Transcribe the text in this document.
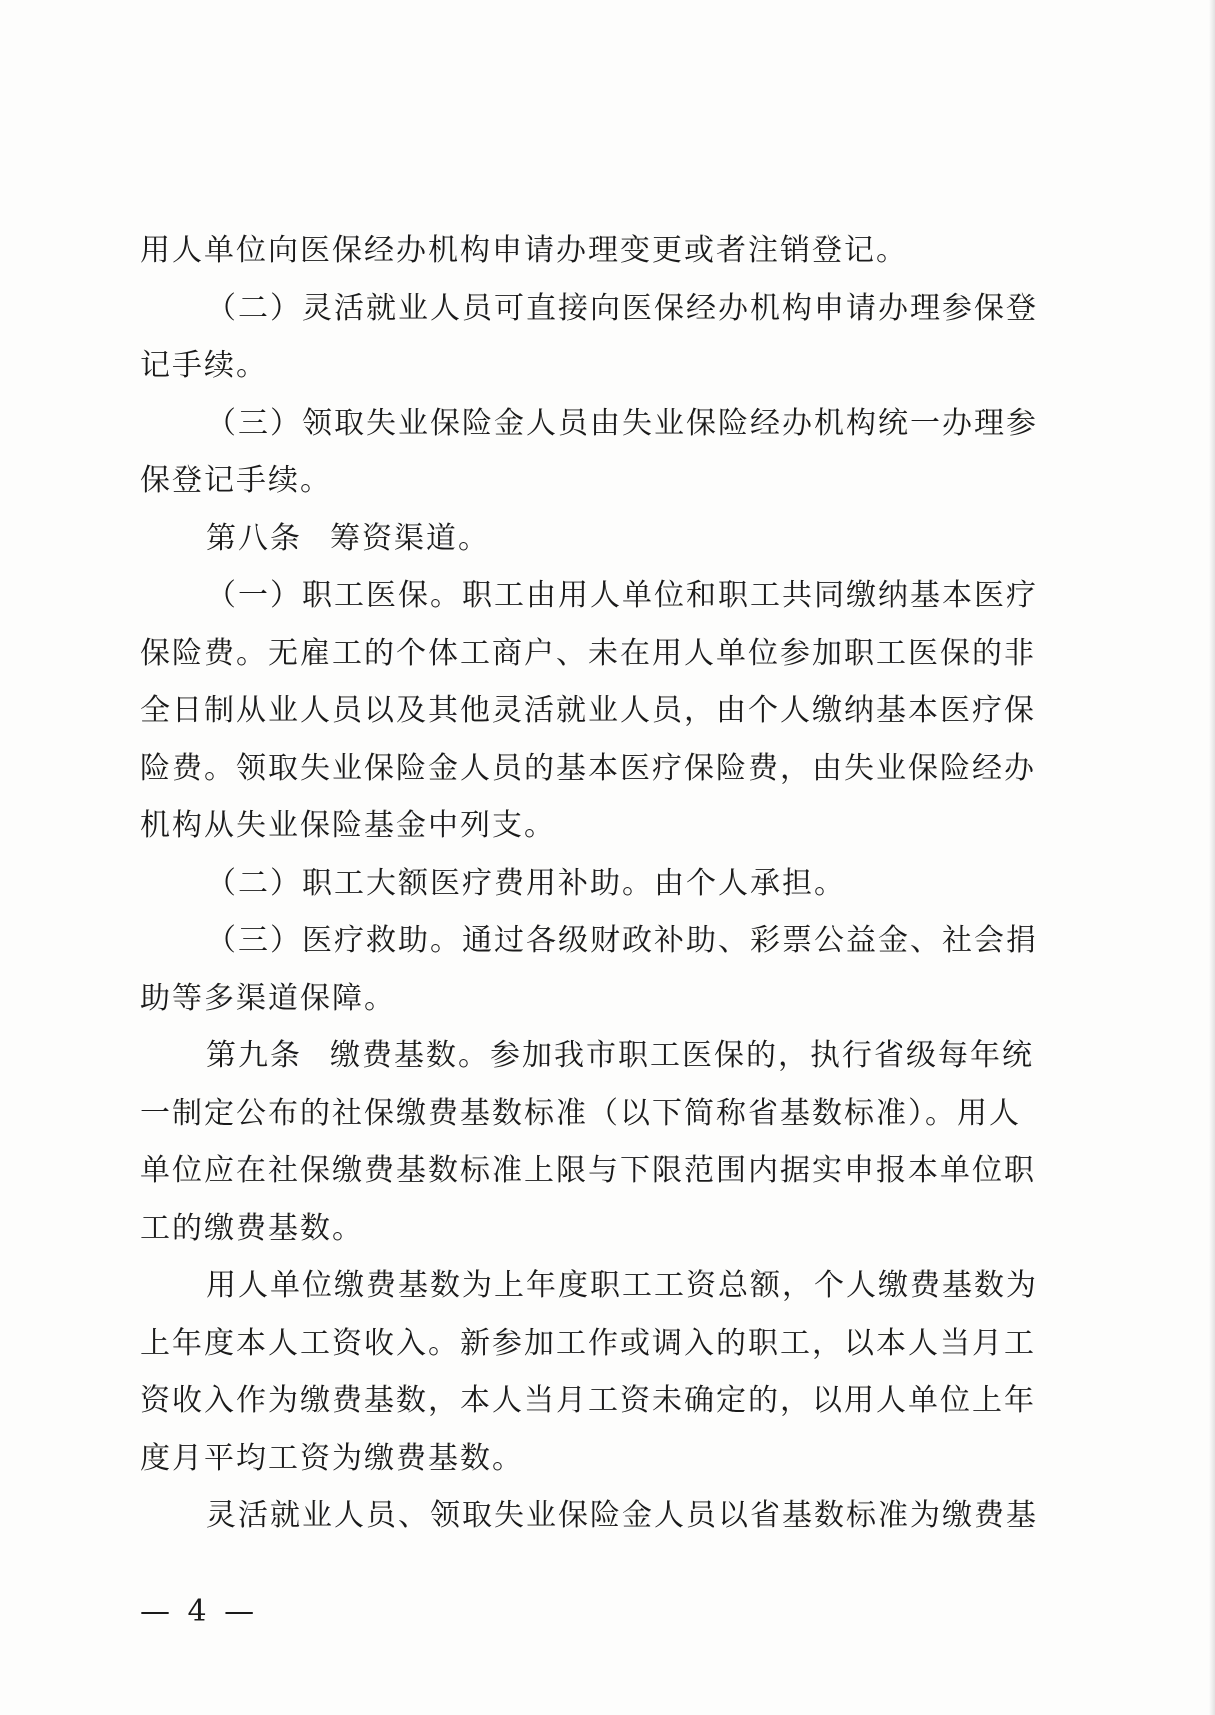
用人单位向医保经办机构申请办理变更或者注销登记。
（二）灵活就业人员可直接向医保经办机构申请办理参保登
记手续。
（三）领取失业保险金人员由失业保险经办机构统一办理参
保登记手续。
第八条 筹资渠道。
（一）职工医保。职工由用人单位和职工共同缴纳基本医疗
保险费。无雇工的个体工商户、未在用人单位参加职工医保的非
全日制从业人员以及其他灵活就业人员，由个人缴纳基本医疗保
险费。领取失业保险金人员的基本医疗保险费，由失业保险经办
机构从失业保险基金中列支。
（二）职工大额医疗费用补助。由个人承担。
（三）医疗救助。通过各级财政补助、彩票公益金、社会捐
助等多渠道保障。
第九条 缴费基数。参加我市职工医保的，执行省级每年统
一制定公布的社保缴费基数标准（以下简称省基数标准）。用人
单位应在社保缴费基数标准上限与下限范围内据实申报本单位职
工的缴费基数。
用人单位缴费基数为上年度职工工资总额，个人缴费基数为
上年度本人工资收入。新参加工作或调入的职工，以本人当月工
资收入作为缴费基数，本人当月工资未确定的，以用人单位上年
度月平均工资为缴费基数。
灵活就业人员、领取失业保险金人员以省基数标准为缴费基
— 4 —
